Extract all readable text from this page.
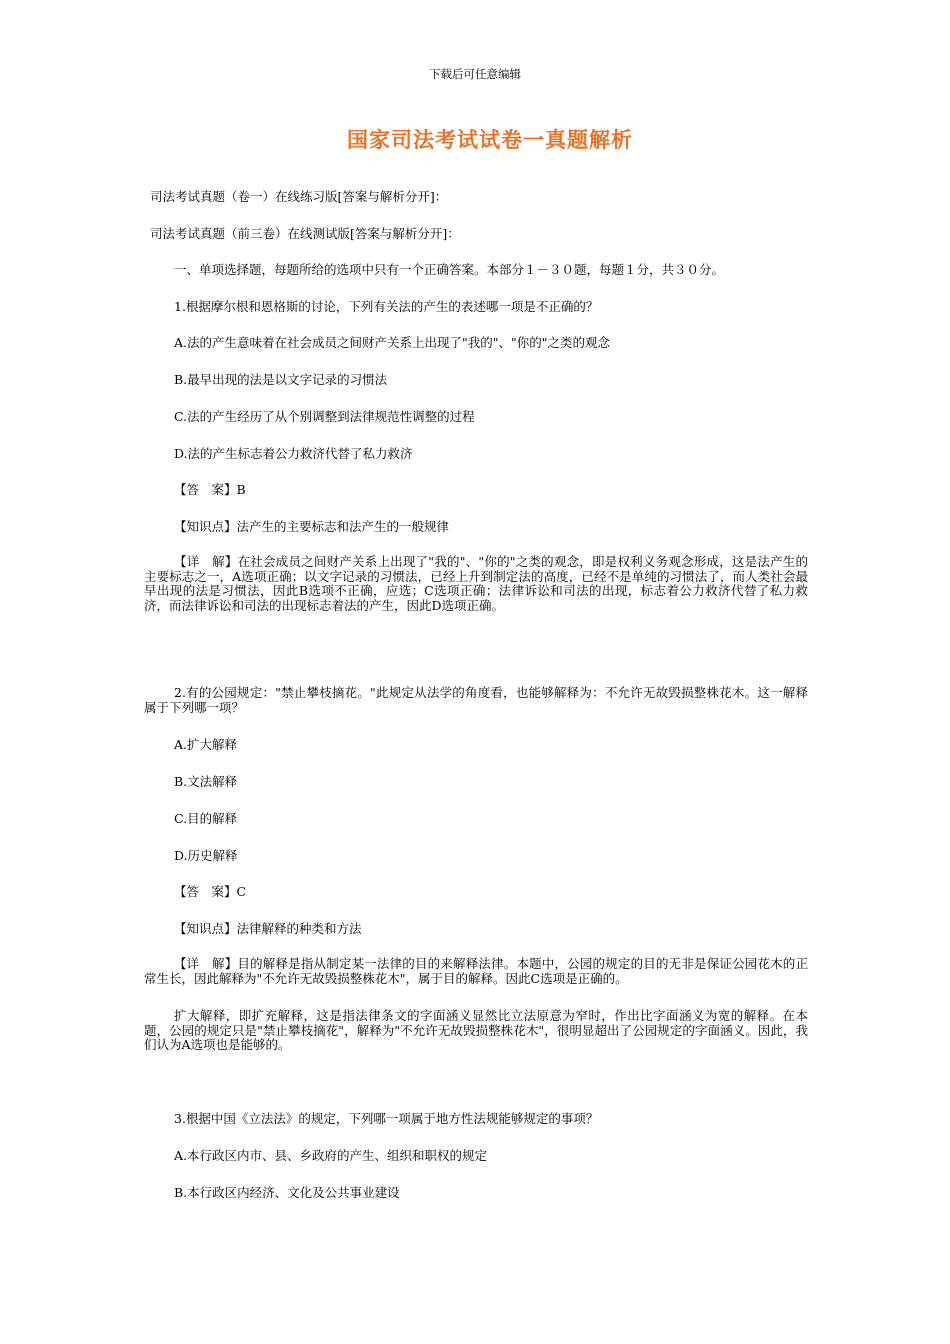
下载后可任意编辑
国家司法考试试卷一真题解析
司法考试真题（卷一）在线练习版[答案与解析分开]：
司法考试真题（前三卷）在线测试版[答案与解析分开]：
一、单项选择题，每题所给的选项中只有一个正确答案。本部分１－３０题，每题１分，共３０分。
1.根据摩尔根和恩格斯的讨论，下列有关法的产生的表述哪一项是不正确的？
A.法的产生意味着在社会成员之间财产关系上出现了"我的"、"你的"之类的观念
B.最早出现的法是以文字记录的习惯法
C.法的产生经历了从个别调整到法律规范性调整的过程
D.法的产生标志着公力救济代替了私力救济
【答　案】B
【知识点】法产生的主要标志和法产生的一般规律
【详　解】在社会成员之间财产关系上出现了"我的"、"你的"之类的观念，即是权利义务观念形成，这是法产生的主要标志之一，A选项正确；以文字记录的习惯法，已经上升到制定法的高度，已经不是单纯的习惯法了，而人类社会最早出现的法是习惯法，因此B选项不正确，应选；C选项正确；法律诉讼和司法的出现，标志着公力救济代替了私力救济，而法律诉讼和司法的出现标志着法的产生，因此D选项正确。
2.有的公园规定："禁止攀枝摘花。"此规定从法学的角度看，也能够解释为：不允许无故毁损整株花木。这一解释属于下列哪一项？
A.扩大解释
B.文法解释
C.目的解释
D.历史解释
【答　案】C
【知识点】法律解释的种类和方法
【详　解】目的解释是指从制定某一法律的目的来解释法律。本题中，公园的规定的目的无非是保证公园花木的正常生长，因此解释为"不允许无故毁损整株花木"，属于目的解释。因此C选项是正确的。
扩大解释，即扩充解释，这是指法律条文的字面涵义显然比立法原意为窄时，作出比字面涵义为宽的解释。在本题，公园的规定只是"禁止攀枝摘花"，解释为"不允许无故毁损整株花木"，很明显超出了公园规定的字面涵义。因此，我们认为A选项也是能够的。
3.根据中国《立法法》的规定，下列哪一项属于地方性法规能够规定的事项？
A.本行政区内市、县、乡政府的产生、组织和职权的规定
B.本行政区内经济、文化及公共事业建设
